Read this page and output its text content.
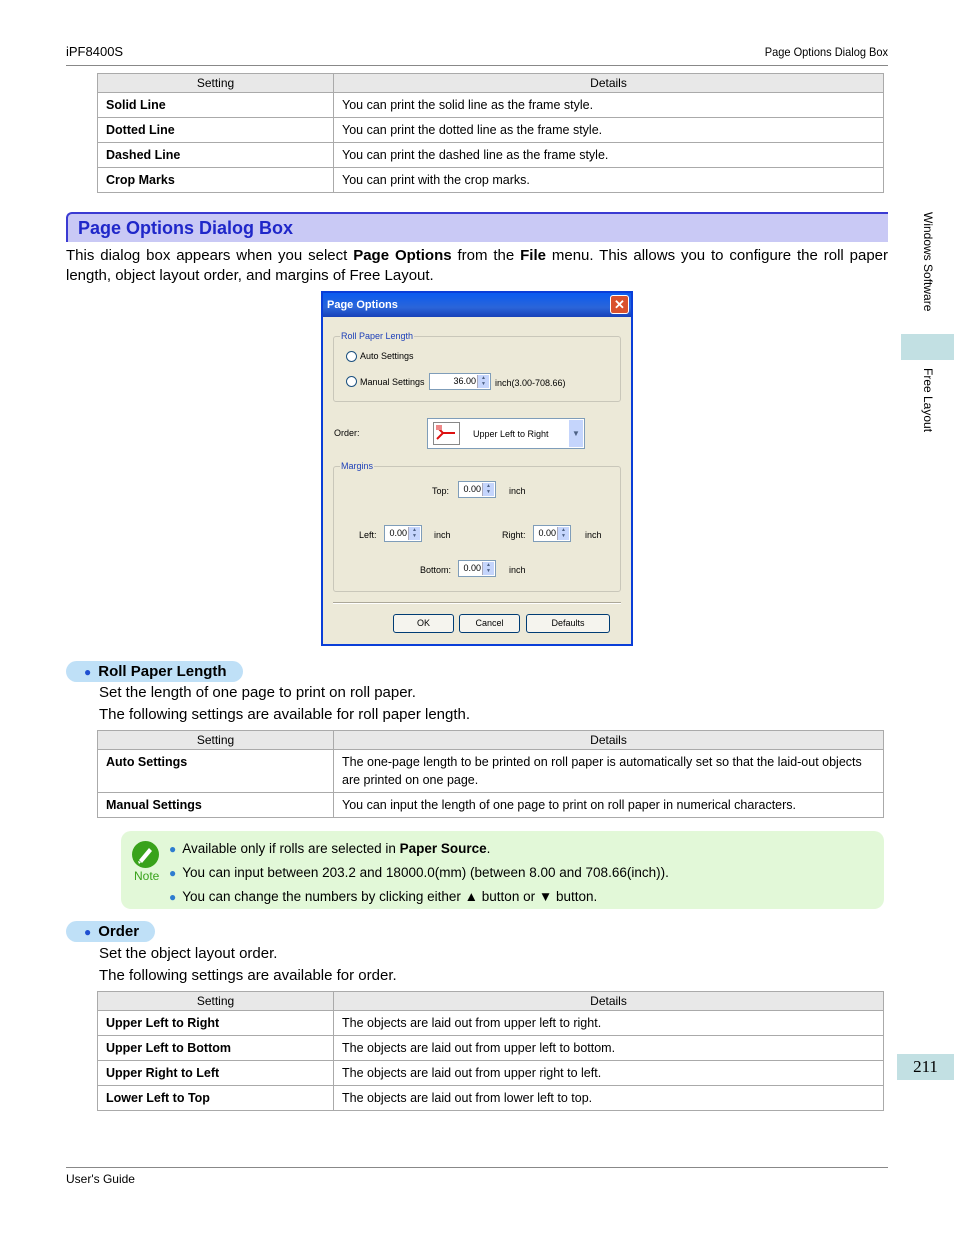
iPF8400S	Page Options Dialog Box
Setting	Details
Solid Line	You can print the solid line as the frame style.
Dotted Line	You can print the dotted line as the frame style.
Dashed Line	You can print the dashed line as the frame style.
Crop Marks	You can print with the crop marks.
Page Options Dialog Box
This dialog box appears when you select Page Options from the File menu. This allows you to configure the roll paper length, object layout order, and margins of Free Layout.
Page Options	✕
Roll Paper Length
Auto Settings
Manual Settings	36.00	▲
▼	inch(3.00-708.66)
Order:	Upper Left to Right	▼
Margins
Top: 0.00	▲
▼	inch
Left: 0.00	▲
▼	inch	Right: 0.00	▲
▼	inch
Bottom: 0.00	▲
▼	inch
OK	Cancel	Defaults
● Roll Paper Length
Set the length of one page to print on roll paper.
The following settings are available for roll paper length.
Setting	Details
Auto Settings	The one-page length to be printed on roll paper is automatically set so that the laid-out objects are printed on one page.
Manual Settings	You can input the length of one page to print on roll paper in numerical characters.
Note
● Available only if rolls are selected in Paper Source.
● You can input between 203.2 and 18000.0(mm) (between 8.00 and 708.66(inch)).
● You can change the numbers by clicking either ▲ button or ▼ button.
● Order
Set the object layout order.
The following settings are available for order.
Setting	Details
Upper Left to Right	The objects are laid out from upper left to right.
Upper Left to Bottom	The objects are laid out from upper left to bottom.
Upper Right to Left	The objects are laid out from upper right to left.
Lower Left to Top	The objects are laid out from lower left to top.
Windows Software
Free Layout
211
User's Guide
